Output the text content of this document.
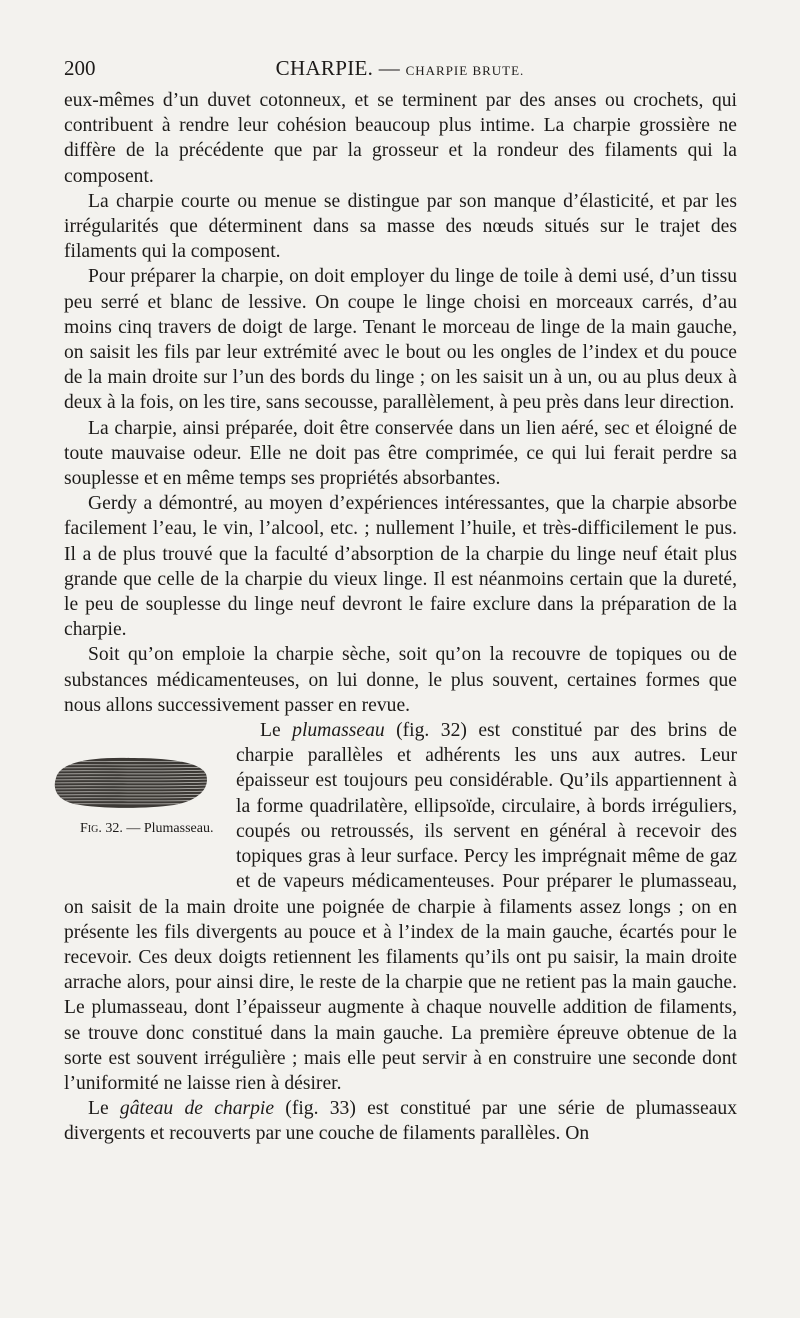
200	CHARPIE. — CHARPIE BRUTE.

eux-mêmes d’un duvet cotonneux, et se terminent par des anses ou crochets, qui contribuent à rendre leur cohésion beaucoup plus intime. La charpie grossière ne diffère de la précédente que par la grosseur et la rondeur des filaments qui la composent.

La charpie courte ou menue se distingue par son manque d’élasticité, et par les irrégularités que déterminent dans sa masse des nœuds situés sur le trajet des filaments qui la composent.

Pour préparer la charpie, on doit employer du linge de toile à demi usé, d’un tissu peu serré et blanc de lessive. On coupe le linge choisi en morceaux carrés, d’au moins cinq travers de doigt de large. Tenant le morceau de linge de la main gauche, on saisit les fils par leur extrémité avec le bout ou les ongles de l’index et du pouce de la main droite sur l’un des bords du linge ; on les saisit un à un, ou au plus deux à deux à la fois, on les tire, sans secousse, parallèlement, à peu près dans leur direction.

La charpie, ainsi préparée, doit être conservée dans un lien aéré, sec et éloigné de toute mauvaise odeur. Elle ne doit pas être comprimée, ce qui lui ferait perdre sa souplesse et en même temps ses propriétés absorbantes.

Gerdy a démontré, au moyen d’expériences intéressantes, que la charpie absorbe facilement l’eau, le vin, l’alcool, etc. ; nullement l’huile, et très-difficilement le pus. Il a de plus trouvé que la faculté d’absorption de la charpie du linge neuf était plus grande que celle de la charpie du vieux linge. Il est néanmoins certain que la dureté, le peu de souplesse du linge neuf devront le faire exclure dans la préparation de la charpie.

Soit qu’on emploie la charpie sèche, soit qu’on la recouvre de topiques ou de substances médicamenteuses, on lui donne, le plus souvent, certaines formes que nous allons successivement passer en revue.

Le plumasseau
Fig. 32. — Plumasseau.
(fig. 32) est constitué par des brins de charpie parallèles et adhérents les uns aux autres. Leur épaisseur est toujours peu considérable. Qu’ils appartiennent à la forme quadrilatère, ellipsoïde, circulaire, à bords irréguliers, coupés ou retroussés, ils servent en général à recevoir des topiques gras à leur surface. Percy les imprégnait même de gaz et de vapeurs médicamenteuses. Pour préparer le plumasseau, on saisit de la main droite une poignée de charpie à filaments assez longs ; on en présente les fils divergents au pouce et à l’index de la main gauche, écartés pour le recevoir. Ces deux doigts retiennent les filaments qu’ils ont pu saisir, la main droite arrache alors, pour ainsi dire, le reste de la charpie que ne retient pas la main gauche. Le plumasseau, dont l’épaisseur augmente à chaque nouvelle addition de filaments, se trouve donc constitué dans la main gauche. La première épreuve obtenue de la sorte est souvent irrégulière ; mais elle peut servir à en construire une seconde dont l’uniformité ne laisse rien à désirer.

Le gâteau de charpie (fig. 33) est constitué par une série de plumasseaux divergents et recouverts par une couche de filaments parallèles. On
